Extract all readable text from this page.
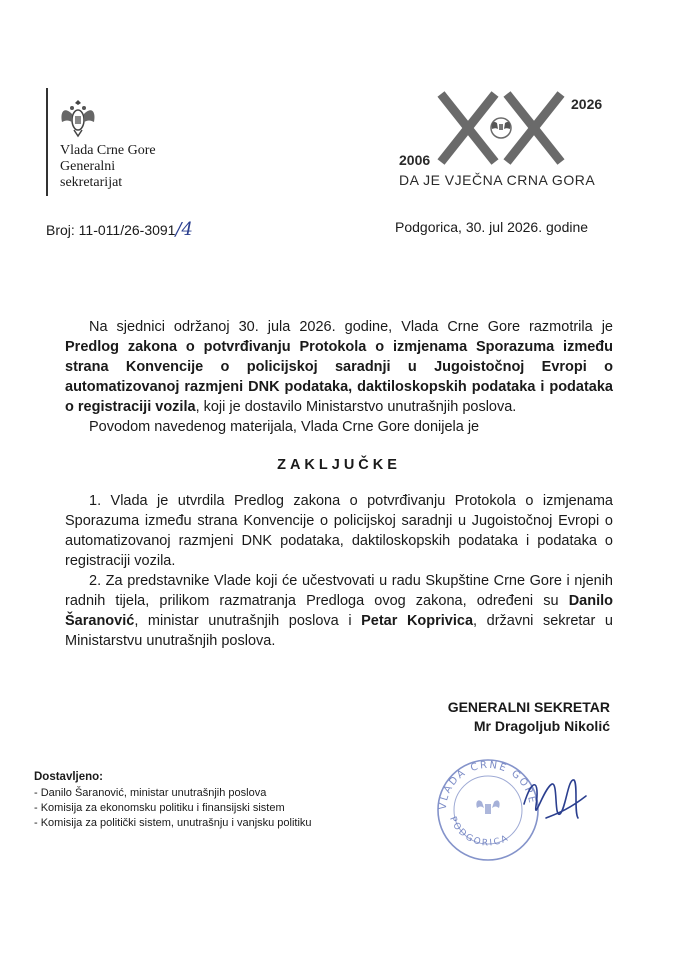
Vlada Crne Gore
Generalni
sekretarijat
2026
2006
DA JE VJEČNA CRNA GORA
Broj: 11-011/26-3091/4	Podgorica, 30. jul 2026. godine

Na sjednici održanoj 30. jula 2026. godine, Vlada Crne Gore razmotrila je Predlog zakona o potvrđivanju Protokola o izmjenama Sporazuma između strana Konvencije o policijskoj saradnji u Jugoistočnoj Evropi o automatizovanoj razmjeni DNK podataka, daktiloskopskih podataka i podataka o registraciji vozila, koji je dostavilo Ministarstvo unutrašnjih poslova.

Povodom navedenog materijala, Vlada Crne Gore donijela je

ZAKLJUČKE

1. Vlada je utvrdila Predlog zakona o potvrđivanju Protokola o izmjenama Sporazuma između strana Konvencije o policijskoj saradnji u Jugoistočnoj Evropi o automatizovanoj razmjeni DNK podataka, daktiloskopskih podataka i podataka o registraciji vozila.

2. Za predstavnike Vlade koji će učestvovati u radu Skupštine Crne Gore i njenih radnih tijela, prilikom razmatranja Predloga ovog zakona, određeni su Danilo Šaranović, ministar unutrašnjih poslova i Petar Koprivica, državni sekretar u Ministarstvu unutrašnjih poslova.

GENERALNI SEKRETAR
Mr Dragoljub Nikolić
VLADA CRNE GORE
PODGORICA
Dostavljeno:
- Danilo Šaranović, ministar unutrašnjih poslova
- Komisija za ekonomsku politiku i finansijski sistem
- Komisija za politički sistem, unutrašnju i vanjsku politiku
